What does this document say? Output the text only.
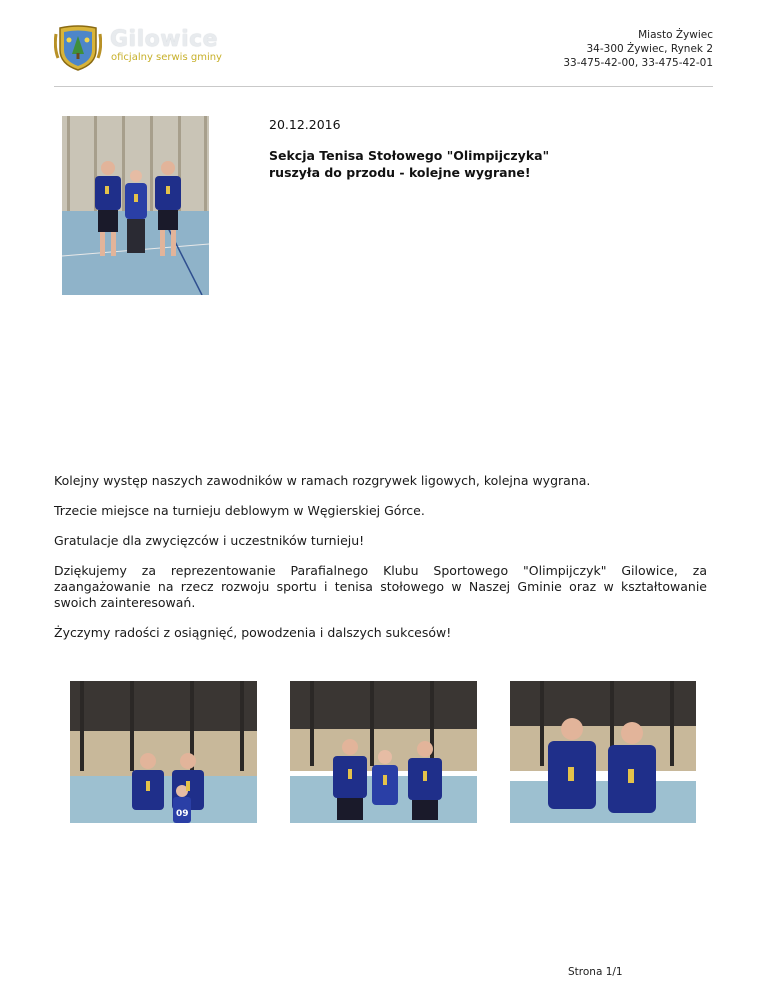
Gilowice
oficjalny serwis gminy
Miasto Żywiec
34-300 Żywiec, Rynek 2
33-475-42-00, 33-475-42-01
20.12.2016
Sekcja Tenisa Stołowego "Olimpijczyka"
ruszyła do przodu - kolejne wygrane!

Kolejny występ naszych zawodników w ramach rozgrywek ligowych, kolejna wygrana.

Trzecie miejsce na turnieju deblowym w Węgierskiej Górce.

Gratulacje dla zwycięzców i uczestników turnieju!

Dziękujemy za reprezentowanie Parafialnego Klubu Sportowego "Olimpijczyk" Gilowice, za zaangażowanie na rzecz rozwoju sportu i tenisa stołowego w Naszej Gminie oraz w kształtowanie swoich zainteresowań.

Życzymy radości z osiągnięć, powodzenia i dalszych sukcesów!

09
Strona 1/1
